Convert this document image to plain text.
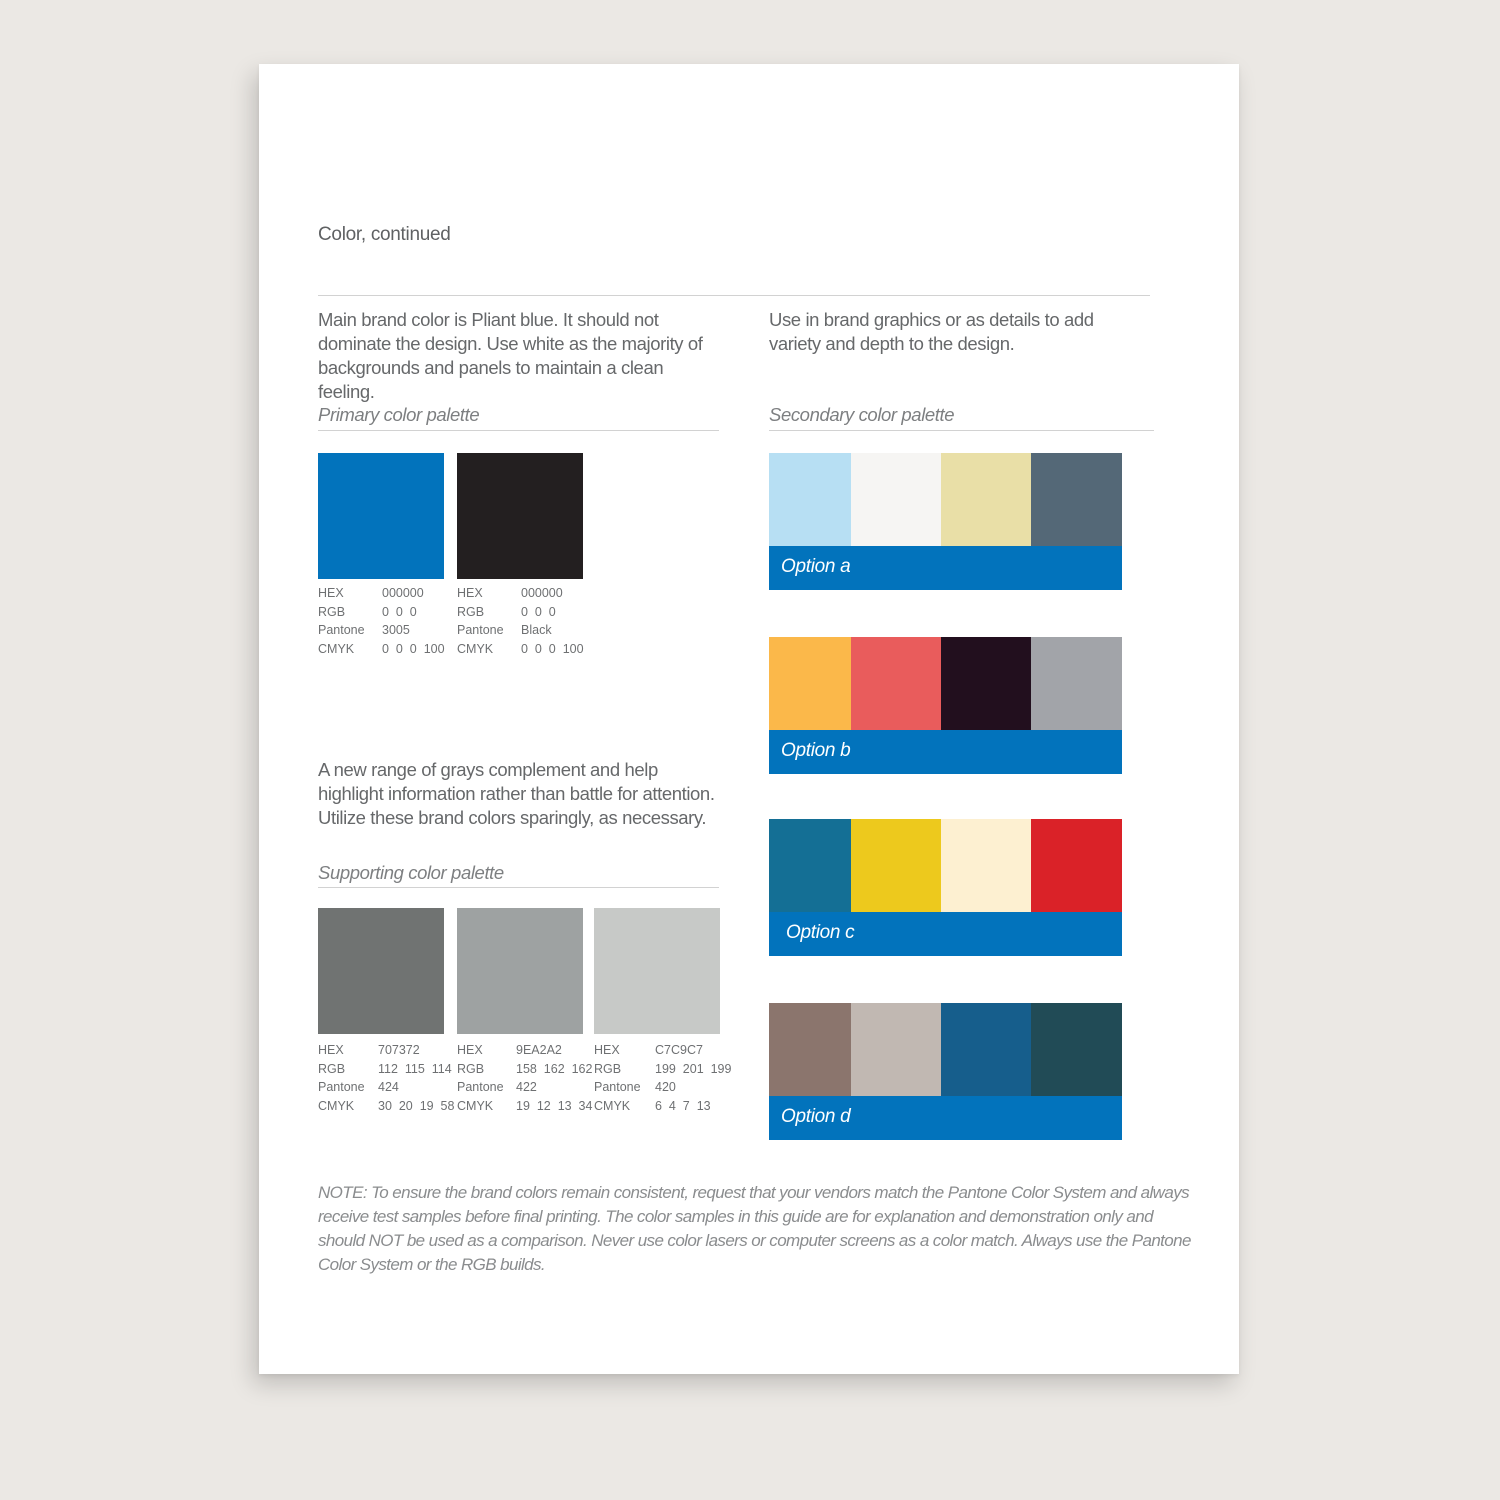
Color, continued
Main brand color is Pliant blue. It should not dominate the design. Use white as the majority of backgrounds and panels to maintain a clean feeling.
Use in brand graphics or as details to add variety and depth to the design.
Primary color palette
HEX	000000
RGB	0  0  0
Pantone	3005
CMYK	0  0  0  100
HEX	000000
RGB	0  0  0
Pantone	Black
CMYK	0  0  0  100
A new range of grays complement and help highlight information rather than battle for attention. Utilize these brand colors sparingly, as necessary.
Supporting color palette
HEX	707372
RGB	112  115  114
Pantone	424
CMYK	30  20  19  58
HEX	9EA2A2
RGB	158  162  162
Pantone 422
CMYK	19  12  13  34
HEX	C7C9C7
RGB	199  201  199
Pantone	420
CMYK	6  4  7  13
Secondary color palette
Option a
Option b
Option c
Option d
NOTE: To ensure the brand colors remain consistent, request that your vendors match the Pantone Color System and always receive test samples before final printing. The color samples in this guide are for explanation and demonstration only and should NOT be used as a comparison. Never use color lasers or computer screens as a color match. Always use the Pantone Color System or the RGB builds.
